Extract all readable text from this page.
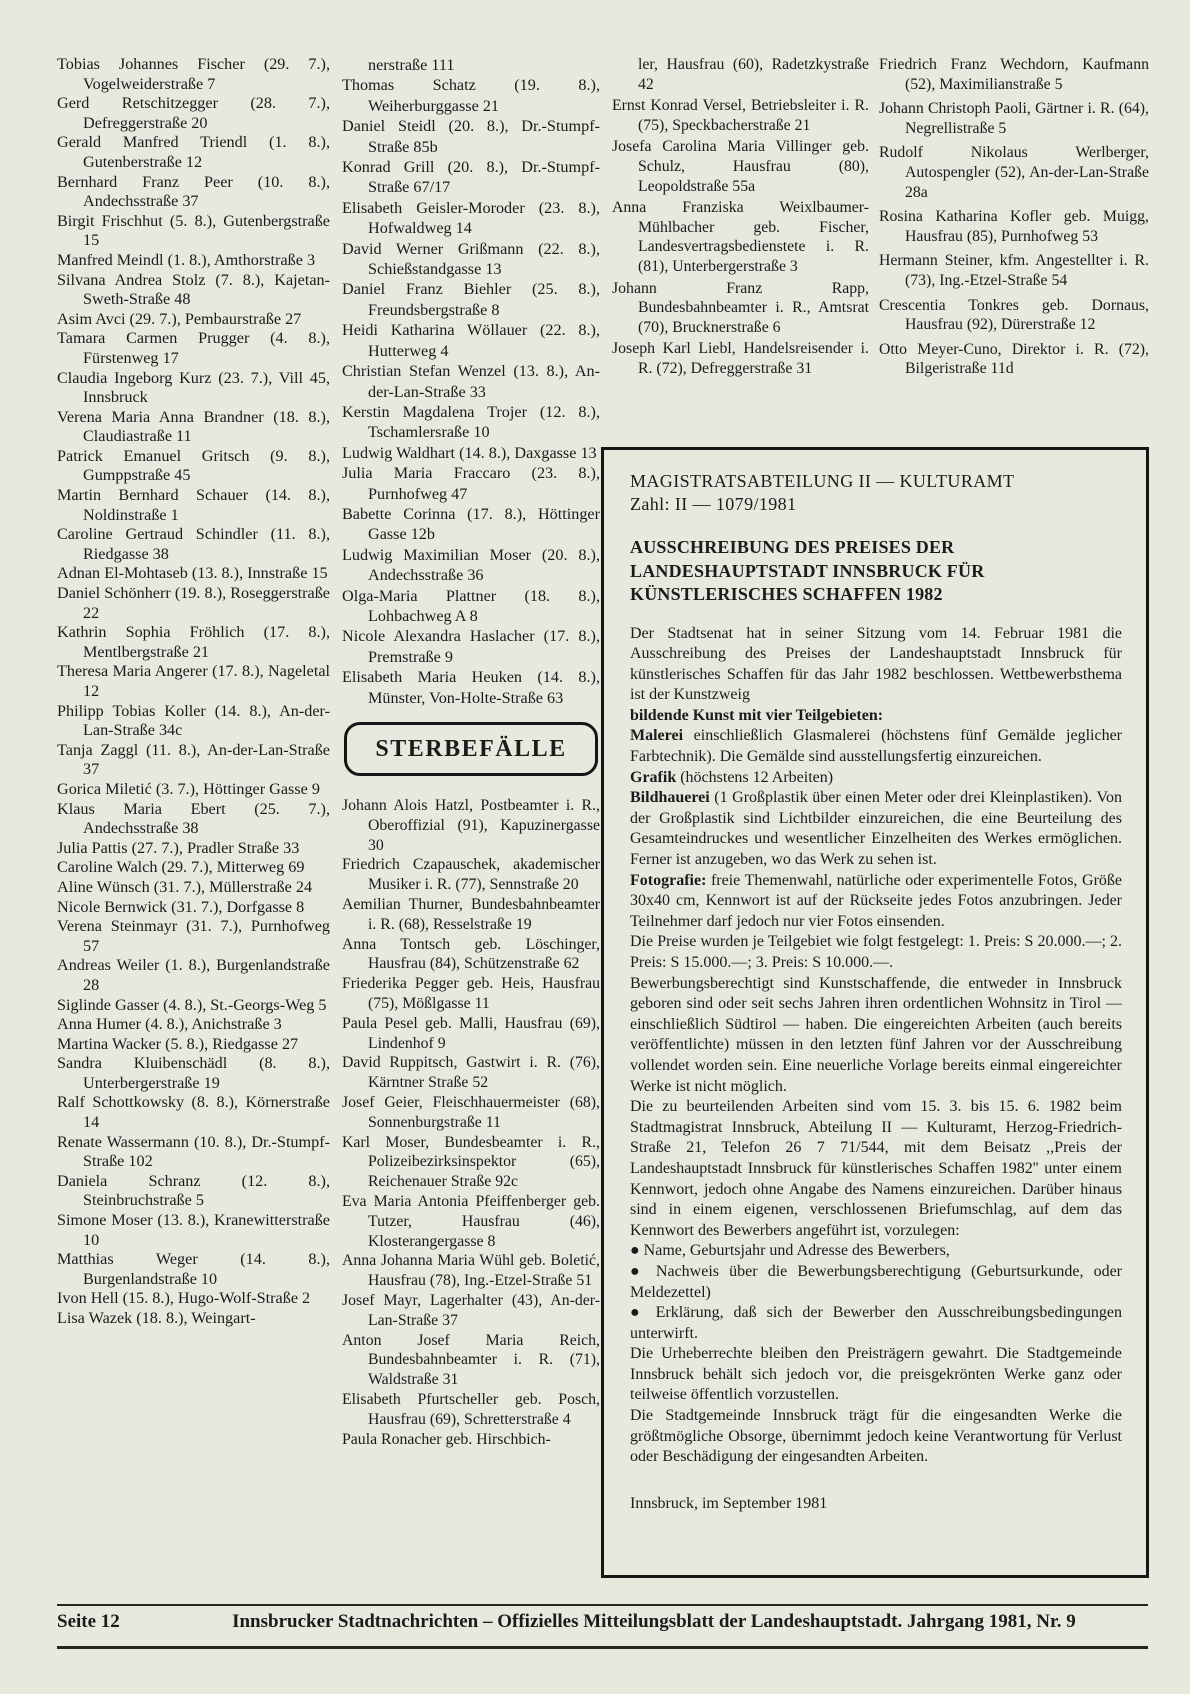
Tobias Johannes Fischer (29. 7.), Vogelweiderstraße 7

Gerd Retschitzegger (28. 7.), Defreggerstraße 20

Gerald Manfred Triendl (1. 8.), Gutenberstraße 12

Bernhard Franz Peer (10. 8.), Andechsstraße 37

Birgit Frischhut (5. 8.), Gutenbergstraße 15

Manfred Meindl (1. 8.), Amthorstraße 3

Silvana Andrea Stolz (7. 8.), Kajetan-Sweth-Straße 48

Asim Avci (29. 7.), Pembaurstraße 27

Tamara Carmen Prugger (4. 8.), Fürstenweg 17

Claudia Ingeborg Kurz (23. 7.), Vill 45, Innsbruck

Verena Maria Anna Brandner (18. 8.), Claudiastraße 11

Patrick Emanuel Gritsch (9. 8.), Gumppstraße 45

Martin Bernhard Schauer (14. 8.), Noldinstraße 1

Caroline Gertraud Schindler (11. 8.), Riedgasse 38

Adnan El-Mohtaseb (13. 8.), Innstraße 15

Daniel Schönherr (19. 8.), Roseggerstraße 22

Kathrin Sophia Fröhlich (17. 8.), Mentlbergstraße 21

Theresa Maria Angerer (17. 8.), Nageletal 12

Philipp Tobias Koller (14. 8.), An-der-Lan-Straße 34c

Tanja Zaggl (11. 8.), An-der-Lan-Straße 37

Gorica Miletić (3. 7.), Höttinger Gasse 9

Klaus Maria Ebert (25. 7.), Andechsstraße 38

Julia Pattis (27. 7.), Pradler Straße 33

Caroline Walch (29. 7.), Mitterweg 69

Aline Wünsch (31. 7.), Müllerstraße 24

Nicole Bernwick (31. 7.), Dorfgasse 8

Verena Steinmayr (31. 7.), Purnhofweg 57

Andreas Weiler (1. 8.), Burgenlandstraße 28

Siglinde Gasser (4. 8.), St.-Georgs-Weg 5

Anna Humer (4. 8.), Anichstraße 3

Martina Wacker (5. 8.), Riedgasse 27

Sandra Kluibenschädl (8. 8.), Unterbergerstraße 19

Ralf Schottkowsky (8. 8.), Körnerstraße 14

Renate Wassermann (10. 8.), Dr.-Stumpf-Straße 102

Daniela Schranz (12. 8.), Steinbruchstraße 5

Simone Moser (13. 8.), Kranewitterstraße 10

Matthias Weger (14. 8.), Burgenlandstraße 10

Ivon Hell (15. 8.), Hugo-Wolf-Straße 2

Lisa Wazek (18. 8.), Weingart-

nerstraße 111

Thomas Schatz (19. 8.), Weiherburggasse 21

Daniel Steidl (20. 8.), Dr.-Stumpf-Straße 85b

Konrad Grill (20. 8.), Dr.-Stumpf-Straße 67/17

Elisabeth Geisler-Moroder (23. 8.), Hofwaldweg 14

David Werner Grißmann (22. 8.), Schießstandgasse 13

Daniel Franz Biehler (25. 8.), Freundsbergstraße 8

Heidi Katharina Wöllauer (22. 8.), Hutterweg 4

Christian Stefan Wenzel (13. 8.), An-der-Lan-Straße 33

Kerstin Magdalena Trojer (12. 8.), Tschamlersraße 10

Ludwig Waldhart (14. 8.), Daxgasse 13

Julia Maria Fraccaro (23. 8.), Purnhofweg 47

Babette Corinna (17. 8.), Höttinger Gasse 12b

Ludwig Maximilian Moser (20. 8.), Andechsstraße 36

Olga-Maria Plattner (18. 8.), Lohbachweg A 8

Nicole Alexandra Haslacher (17. 8.), Premstraße 9

Elisabeth Maria Heuken (14. 8.), Münster, Von-Holte-Straße 63

STERBEFÄLLE

Johann Alois Hatzl, Postbeamter i. R., Oberoffizial (91), Kapuzinergasse 30

Friedrich Czapauschek, akademischer Musiker i. R. (77), Sennstraße 20

Aemilian Thurner, Bundesbahnbeamter i. R. (68), Resselstraße 19

Anna Tontsch geb. Löschinger, Hausfrau (84), Schützenstraße 62

Friederika Pegger geb. Heis, Hausfrau (75), Mößlgasse 11

Paula Pesel geb. Malli, Hausfrau (69), Lindenhof 9

David Ruppitsch, Gastwirt i. R. (76), Kärntner Straße 52

Josef Geier, Fleischhauermeister (68), Sonnenburgstraße 11

Karl Moser, Bundesbeamter i. R., Polizeibezirksinspektor (65), Reichenauer Straße 92c

Eva Maria Antonia Pfeiffenberger geb. Tutzer, Hausfrau (46), Klosterangergasse 8

Anna Johanna Maria Wühl geb. Boletić, Hausfrau (78), Ing.-Etzel-Straße 51

Josef Mayr, Lagerhalter (43), An-der-Lan-Straße 37

Anton Josef Maria Reich, Bundesbahnbeamter i. R. (71), Waldstraße 31

Elisabeth Pfurtscheller geb. Posch, Hausfrau (69), Schretterstraße 4

Paula Ronacher geb. Hirschbich-

ler, Hausfrau (60), Radetzkystraße 42

Ernst Konrad Versel, Betriebsleiter i. R. (75), Speckbacherstraße 21

Josefa Carolina Maria Villinger geb. Schulz, Hausfrau (80), Leopoldstraße 55a

Anna Franziska Weixlbaumer-Mühlbacher geb. Fischer, Landesvertragsbedienstete i. R. (81), Unterbergerstraße 3

Johann Franz Rapp, Bundesbahnbeamter i. R., Amtsrat (70), Brucknerstraße 6

Joseph Karl Liebl, Handelsreisender i. R. (72), Defreggerstraße 31

Friedrich Franz Wechdorn, Kaufmann (52), Maximilianstraße 5

Johann Christoph Paoli, Gärtner i. R. (64), Negrellistraße 5

Rudolf Nikolaus Werlberger, Autospengler (52), An-der-Lan-Straße 28a

Rosina Katharina Kofler geb. Muigg, Hausfrau (85), Purnhofweg 53

Hermann Steiner, kfm. Angestellter i. R. (73), Ing.-Etzel-Straße 54

Crescentia Tonkres geb. Dornaus, Hausfrau (92), Dürerstraße 12

Otto Meyer-Cuno, Direktor i. R. (72), Bilgeristraße 11d

MAGISTRATSABTEILUNG II — KULTURAMT

Zahl: II — 1079/1981

AUSSCHREIBUNG DES PREISES DER
LANDESHAUPTSTADT INNSBRUCK FÜR
KÜNSTLERISCHES SCHAFFEN 1982

Der Stadtsenat hat in seiner Sitzung vom 14. Februar 1981 die Ausschreibung des Preises der Landeshauptstadt Innsbruck für künstlerisches Schaffen für das Jahr 1982 beschlossen. Wettbewerbsthema ist der Kunstzweig

bildende Kunst mit vier Teilgebieten:

Malerei einschließlich Glasmalerei (höchstens fünf Gemälde jeglicher Farbtechnik). Die Gemälde sind ausstellungsfertig einzureichen.

Grafik (höchstens 12 Arbeiten)

Bildhauerei (1 Großplastik über einen Meter oder drei Kleinplastiken). Von der Großplastik sind Lichtbilder einzureichen, die eine Beurteilung des Gesamteindruckes und wesentlicher Einzelheiten des Werkes ermöglichen. Ferner ist anzugeben, wo das Werk zu sehen ist.

Fotografie: freie Themenwahl, natürliche oder experimentelle Fotos, Größe 30x40 cm, Kennwort ist auf der Rückseite jedes Fotos anzubringen. Jeder Teilnehmer darf jedoch nur vier Fotos einsenden.

Die Preise wurden je Teilgebiet wie folgt festgelegt: 1. Preis: S 20.000.—; 2. Preis: S 15.000.—; 3. Preis: S 10.000.—.

Bewerbungsberechtigt sind Kunstschaffende, die entweder in Innsbruck geboren sind oder seit sechs Jahren ihren ordentlichen Wohnsitz in Tirol — einschließlich Südtirol — haben. Die eingereichten Arbeiten (auch bereits veröffentlichte) müssen in den letzten fünf Jahren vor der Ausschreibung vollendet worden sein. Eine neuerliche Vorlage bereits einmal eingereichter Werke ist nicht möglich.

Die zu beurteilenden Arbeiten sind vom 15. 3. bis 15. 6. 1982 beim Stadtmagistrat Innsbruck, Abteilung II — Kulturamt, Herzog-Friedrich-Straße 21, Telefon 26 7 71/544, mit dem Beisatz ,,Preis der Landeshauptstadt Innsbruck für künstlerisches Schaffen 1982'' unter einem Kennwort, jedoch ohne Angabe des Namens einzureichen. Darüber hinaus sind in einem eigenen, verschlossenen Briefumschlag, auf dem das Kennwort des Bewerbers angeführt ist, vorzulegen:

● Name, Geburtsjahr und Adresse des Bewerbers,

● Nachweis über die Bewerbungsberechtigung (Geburtsurkunde, oder Meldezettel)

● Erklärung, daß sich der Bewerber den Ausschreibungsbedingungen unterwirft.

Die Urheberrechte bleiben den Preisträgern gewahrt. Die Stadtgemeinde Innsbruck behält sich jedoch vor, die preisgekrönten Werke ganz oder teilweise öffentlich vorzustellen.

Die Stadtgemeinde Innsbruck trägt für die eingesandten Werke die größtmögliche Obsorge, übernimmt jedoch keine Verantwortung für Verlust oder Beschädigung der eingesandten Arbeiten.

Innsbruck, im September 1981

Seite 12	Innsbrucker Stadtnachrichten – Offizielles Mitteilungsblatt der Landeshauptstadt. Jahrgang 1981, Nr. 9
